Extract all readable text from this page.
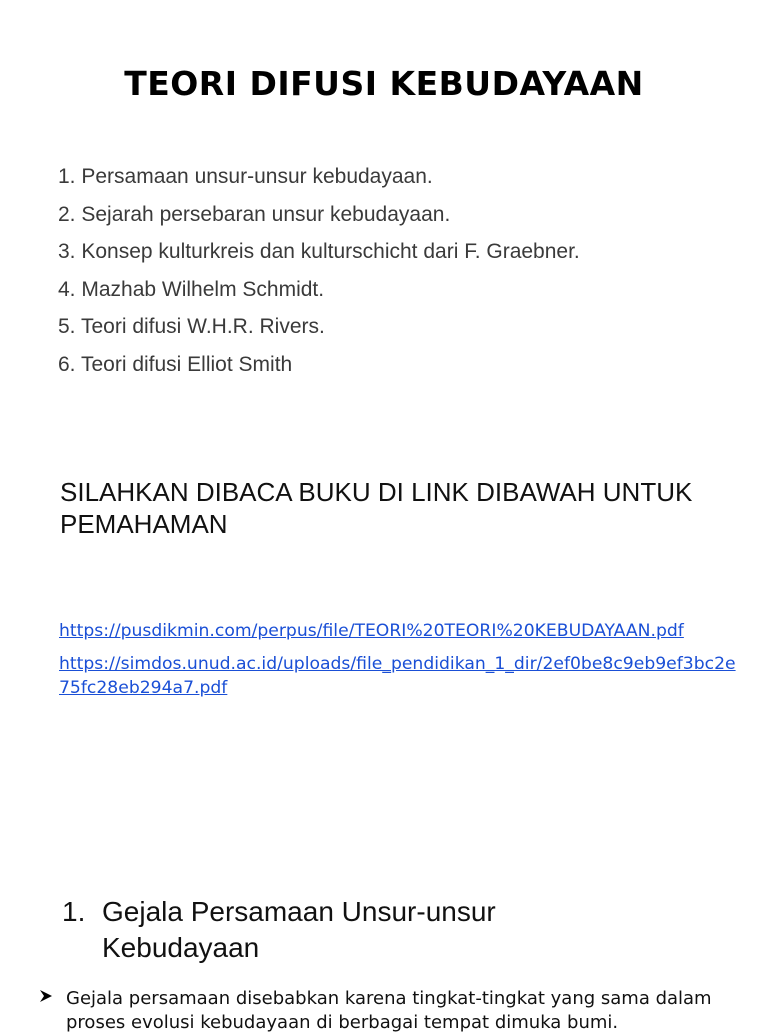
TEORI DIFUSI KEBUDAYAAN
1. Persamaan unsur-unsur kebudayaan.
2. Sejarah persebaran unsur kebudayaan.
3. Konsep kulturkreis dan kulturschicht dari F. Graebner.
4. Mazhab Wilhelm Schmidt.
5. Teori difusi W.H.R. Rivers.
6. Teori difusi Elliot Smith
SILAHKAN DIBACA BUKU DI LINK DIBAWAH UNTUK PEMAHAMAN
https://pusdikmin.com/perpus/file/TEORI%20TEORI%20KEBUDAYAAN.pdf
https://simdos.unud.ac.id/uploads/file_pendidikan_1_dir/2ef0be8c9eb9ef3bc2e75fc28eb294a7.pdf
1. Gejala Persamaan Unsur-unsur
Kebudayaan
Gejala persamaan disebabkan karena tingkat-tingkat yang sama dalam proses evolusi kebudayaan di berbagai tempat dimuka bumi.
